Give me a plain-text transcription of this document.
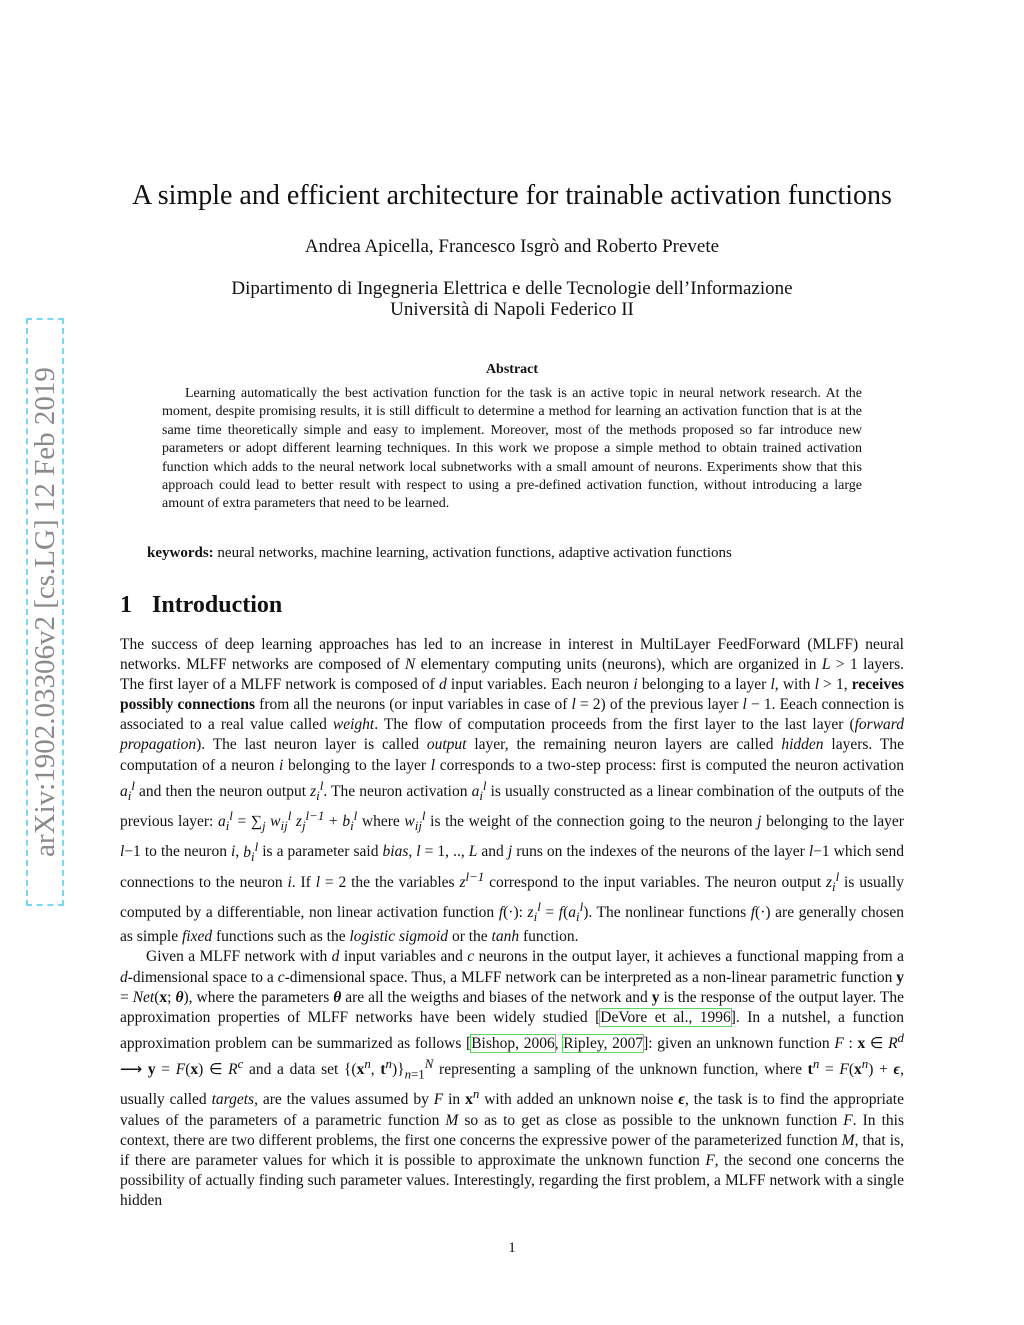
arXiv:1902.03306v2 [cs.LG] 12 Feb 2019
A simple and efficient architecture for trainable activation functions
Andrea Apicella, Francesco Isgrò and Roberto Prevete
Dipartimento di Ingegneria Elettrica e delle Tecnologie dell’Informazione
Università di Napoli Federico II
Abstract

Learning automatically the best activation function for the task is an active topic in neural network research. At the moment, despite promising results, it is still difficult to determine a method for learning an activation function that is at the same time theoretically simple and easy to implement. Moreover, most of the methods proposed so far introduce new parameters or adopt different learning techniques. In this work we propose a simple method to obtain trained activation function which adds to the neural network local subnetworks with a small amount of neurons. Experiments show that this approach could lead to better result with respect to using a pre-defined activation function, without introducing a large amount of extra parameters that need to be learned.

keywords: neural networks, machine learning, activation functions, adaptive activation functions
1 Introduction

The success of deep learning approaches has led to an increase in interest in MultiLayer FeedForward (MLFF) neural networks. MLFF networks are composed of N elementary computing units (neurons), which are organized in L > 1 layers. The first layer of a MLFF network is composed of d input variables. Each neuron i belonging to a layer l, with l > 1, receives possibly connections from all the neurons (or input variables in case of l = 2) of the previous layer l − 1. Eeach connection is associated to a real value called weight. The flow of computation proceeds from the first layer to the last layer (forward propagation). The last neuron layer is called output layer, the remaining neuron layers are called hidden layers. The computation of a neuron i belonging to the layer l corresponds to a two-step process: first is computed the neuron activation $a_i^l$ and then the neuron output $z_i^l$. The neuron activation $a_i^l$ is usually constructed as a linear combination of the outputs of the previous layer: $a_i^l = \sum_j$ $w_{ij}^l$ $z_j^{l-1} + b_i^l$ where $w_{ij}^l$ is the weight of the connection going to the neuron j belonging to the layer l−1 to the neuron i, $b_i^l$ is a parameter said bias, l = 1, .., L and j runs on the indexes of the neurons of the layer l−1 which send connections to the neuron i. If l = 2 the the variables $z^{l-1}$ correspond to the input variables. The neuron output $z_i^l$ is usually computed by a differentiable, non linear activation function f(·): $z_i^l = f(a_i^l)$. The nonlinear functions f(·) are generally chosen as simple fixed functions such as the logistic sigmoid or the tanh function.

Given a MLFF network with d input variables and c neurons in the output layer, it achieves a functional mapping from a d-dimensional space to a c-dimensional space. Thus, a MLFF network can be interpreted as a non-linear parametric function y = Net(x; θ), where the parameters θ are all the weigths and biases of the network and y is the response of the output layer. The approximation properties of MLFF networks have been widely studied [DeVore et al., 1996]. In a nutshel, a function approximation problem can be summarized as follows [Bishop, 2006, Ripley, 2007]: given an unknown function F : x ∈ $R^d$ ⟶ y = F(x) ∈ $R^c$ and a data set {($x^n$, $t^n)\}_{n=1}^N$ representing a sampling of the unknown function, where $t^n = F(x^n) + \epsilon$, usually called targets, are the values assumed by F in $x^n$ with added an unknown noise ϵ, the task is to find the appropriate values of the parameters of a parametric function M so as to get as close as possible to the unknown function F. In this context, there are two different problems, the first one concerns the expressive power of the parameterized function M, that is, if there are parameter values for which it is possible to approximate the unknown function F, the second one concerns the possibility of actually finding such parameter values. Interestingly, regarding the first problem, a MLFF network with a single hidden

1
